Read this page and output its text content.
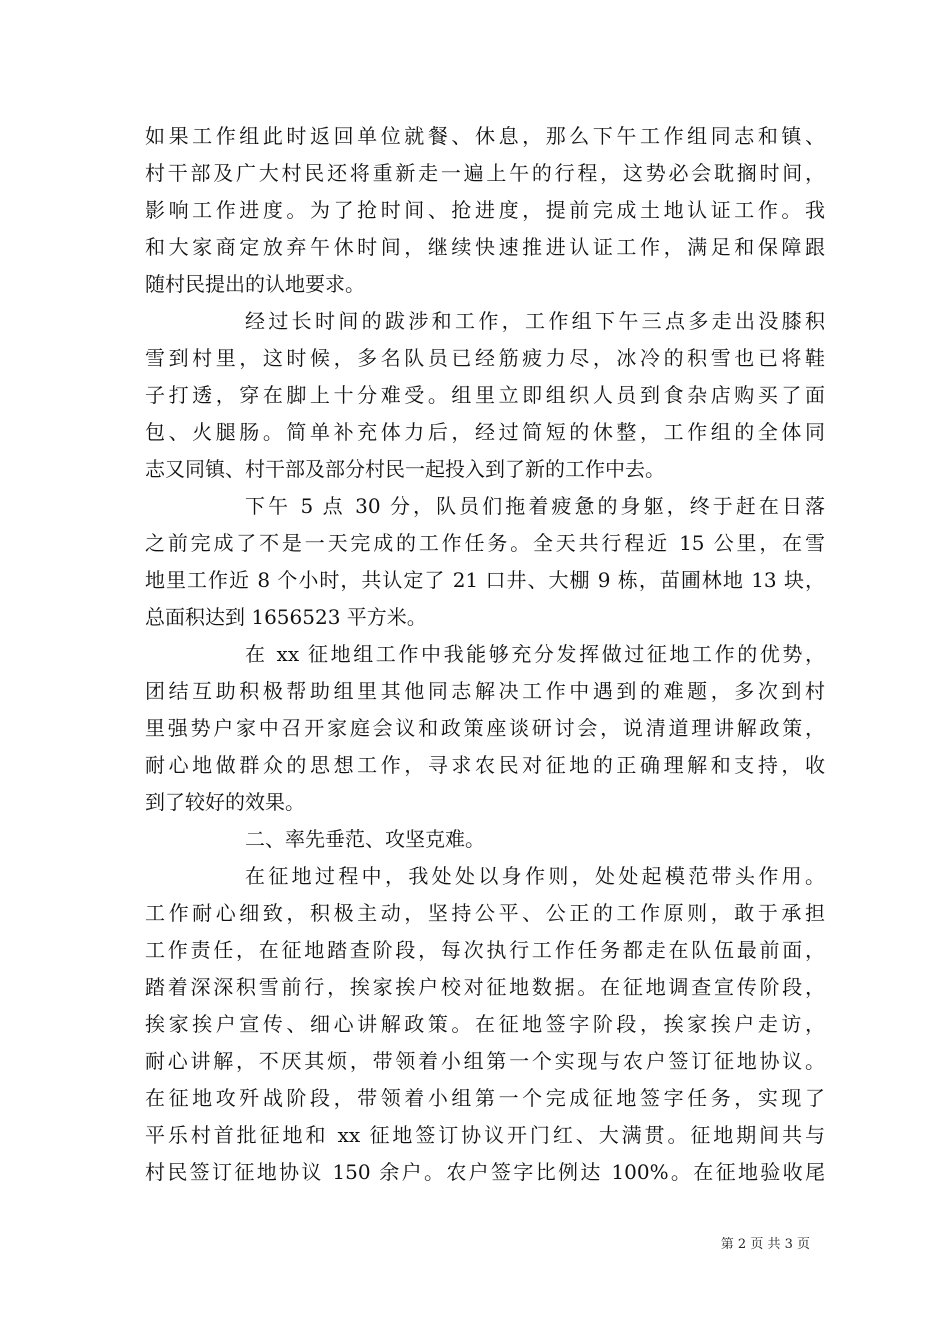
如果工作组此时返回单位就餐、休息，那么下午工作组同志和镇、
村干部及广大村民还将重新走一遍上午的行程，这势必会耽搁时间，
影响工作进度。为了抢时间、抢进度，提前完成土地认证工作。我
和大家商定放弃午休时间，继续快速推进认证工作，满足和保障跟
随村民提出的认地要求。
经过长时间的跋涉和工作，工作组下午三点多走出没膝积
雪到村里，这时候，多名队员已经筋疲力尽，冰冷的积雪也已将鞋
子打透，穿在脚上十分难受。组里立即组织人员到食杂店购买了面
包、火腿肠。简单补充体力后，经过简短的休整，工作组的全体同
志又同镇、村干部及部分村民一起投入到了新的工作中去。
下午 5 点 30 分，队员们拖着疲惫的身躯，终于赶在日落
之前完成了不是一天完成的工作任务。全天共行程近 15 公里，在雪
地里工作近 8 个小时，共认定了 21 口井、大棚 9 栋，苗圃林地 13 块，
总面积达到 1656523 平方米。
在 xx 征地组工作中我能够充分发挥做过征地工作的优势，
团结互助积极帮助组里其他同志解决工作中遇到的难题，多次到村
里强势户家中召开家庭会议和政策座谈研讨会，说清道理讲解政策，
耐心地做群众的思想工作，寻求农民对征地的正确理解和支持，收
到了较好的效果。
二、率先垂范、攻坚克难。
在征地过程中，我处处以身作则，处处起模范带头作用。
工作耐心细致，积极主动，坚持公平、公正的工作原则，敢于承担
工作责任，在征地踏查阶段，每次执行工作任务都走在队伍最前面，
踏着深深积雪前行，挨家挨户校对征地数据。在征地调查宣传阶段，
挨家挨户宣传、细心讲解政策。在征地签字阶段，挨家挨户走访，
耐心讲解，不厌其烦，带领着小组第一个实现与农户签订征地协议。
在征地攻歼战阶段，带领着小组第一个完成征地签字任务，实现了
平乐村首批征地和 xx 征地签订协议开门红、大满贯。征地期间共与
村民签订征地协议 150 余户。农户签字比例达 100%。在征地验收尾
第 2 页 共 3 页
